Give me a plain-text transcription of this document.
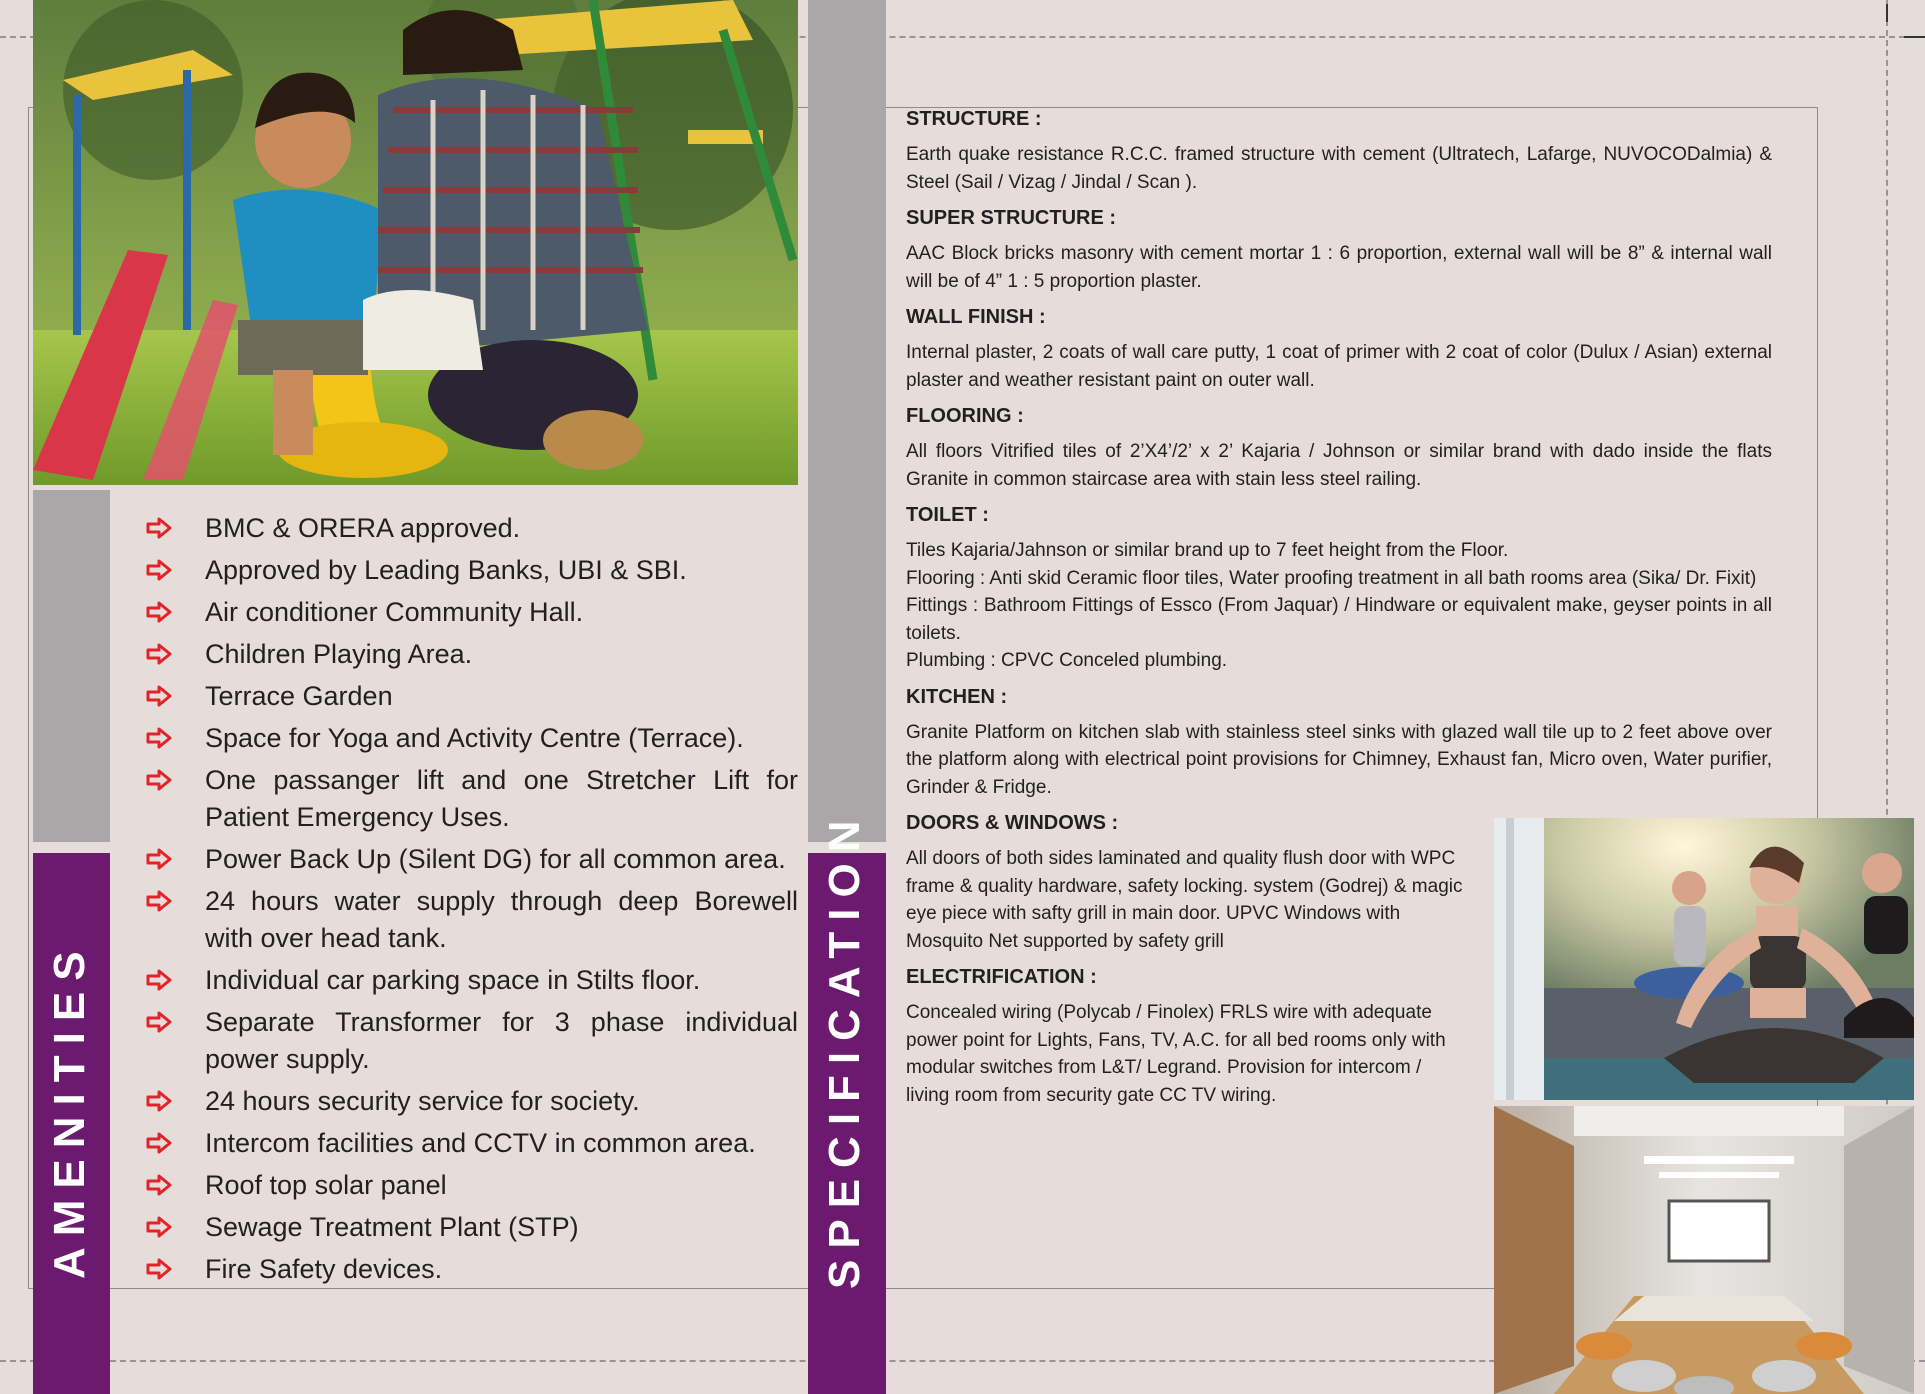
AMENITIES	SPECIFICATION
BMC & ORERA approved.
Approved by Leading Banks, UBI & SBI.
Air conditioner Community Hall.
Children Playing Area.
Terrace Garden
Space for Yoga and Activity Centre (Terrace).
One passanger lift and one Stretcher Lift for Patient Emergency Uses.
Power Back Up (Silent DG) for all common area.
24 hours water supply through deep Borewell with over head tank.
Individual car parking space in Stilts floor.
Separate Transformer for 3 phase individual power supply.
24 hours security service for society.
Intercom facilities and CCTV in common area.
Roof top solar panel
Sewage Treatment Plant (STP)
Fire Safety devices.
STRUCTURE :
Earth quake resistance R.C.C. framed structure with cement (Ultratech, Lafarge, NUVOCODalmia) & Steel (Sail / Vizag / Jindal / Scan ).
SUPER STRUCTURE :
AAC Block bricks masonry with cement mortar 1 : 6 proportion, external wall will be 8” & internal wall will be of 4” 1 : 5 proportion plaster.
WALL FINISH :
Internal plaster, 2 coats of wall care putty, 1 coat of primer with 2 coat of color (Dulux / Asian) external plaster and weather resistant paint on outer wall.
FLOORING :
All floors Vitrified tiles of 2’X4’/2’ x 2’ Kajaria / Johnson or similar brand with dado inside the flats Granite in common staircase area with stain less steel railing.
TOILET :

Tiles Kajaria/Jahnson or similar brand up to 7 feet height from the Floor.

Flooring : Anti skid Ceramic floor tiles, Water proofing treatment in all bath rooms area (Sika/ Dr. Fixit)

Fittings : Bathroom Fittings of Essco (From Jaquar) / Hindware or equivalent make, geyser points in all toilets.

Plumbing : CPVC Conceled plumbing.

KITCHEN :
Granite Platform on kitchen slab with stainless steel sinks with glazed wall tile up to 2 feet above over the platform along with electrical point provisions for Chimney, Exhaust fan, Micro oven, Water purifier, Grinder & Fridge.
DOORS & WINDOWS :
All doors of both sides laminated and quality flush door with WPC frame & quality hardware, safety locking. system (Godrej) & magic eye piece with safty grill in main door. UPVC Windows with Mosquito Net supported by safety grill
ELECTRIFICATION :
Concealed wiring (Polycab / Finolex) FRLS wire with adequate power point for Lights, Fans, TV, A.C. for all bed rooms only with modular switches from L&T/ Legrand. Provision for intercom / living room from security gate CC TV wiring.
